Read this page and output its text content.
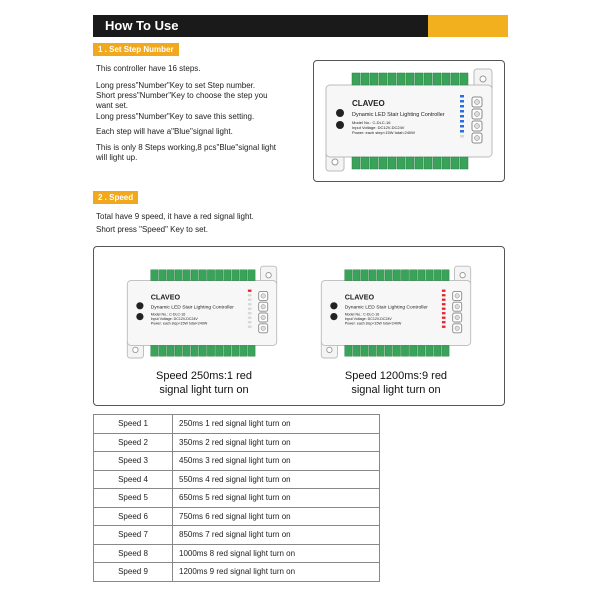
How To Use
1 . Set Step Number
This controller have 16 steps.
Long press"Number"Key to set Step number.
Short press"Number"Key to choose the step you
want set.
Long press"Number"Key to save this setting.
Each step will have a"Blue"signal light.
This is only 8 Steps working,8 pcs"Blue"signal light
will light up.
CLAVEO
Dynamic LED Stair Lighting Controller
Model No.: C-DLC-16
Input Voltage: DC12V-DC24V
Power: each step<15W total<240W
2 . Speed
Total have 9 speed, it have a red signal light.
Short press "Speed" Key to set.
CLAVEO
Dynamic LED Stair Lighting Controller
Model No.: C-DLC-16
Input Voltage: DC12V-DC24V
Power: each step<15W total<240W
CLAVEO
Dynamic LED Stair Lighting Controller
Model No.: C-DLC-16
Input Voltage: DC12V-DC24V
Power: each step<15W total<240W
Speed 250ms:1 red
signal light turn on
Speed 1200ms:9 red
signal light turn on
Speed 1	250ms 1 red signal light turn on
Speed 2	350ms 2 red signal light turn on
Speed 3	450ms 3 red signal light turn on
Speed 4	550ms 4 red signal light turn on
Speed 5	650ms 5 red signal light turn on
Speed 6	750ms 6 red signal light turn on
Speed 7	850ms 7 red signal light turn on
Speed 8	1000ms 8 red signal light turn on
Speed 9	1200ms 9 red signal light turn on
